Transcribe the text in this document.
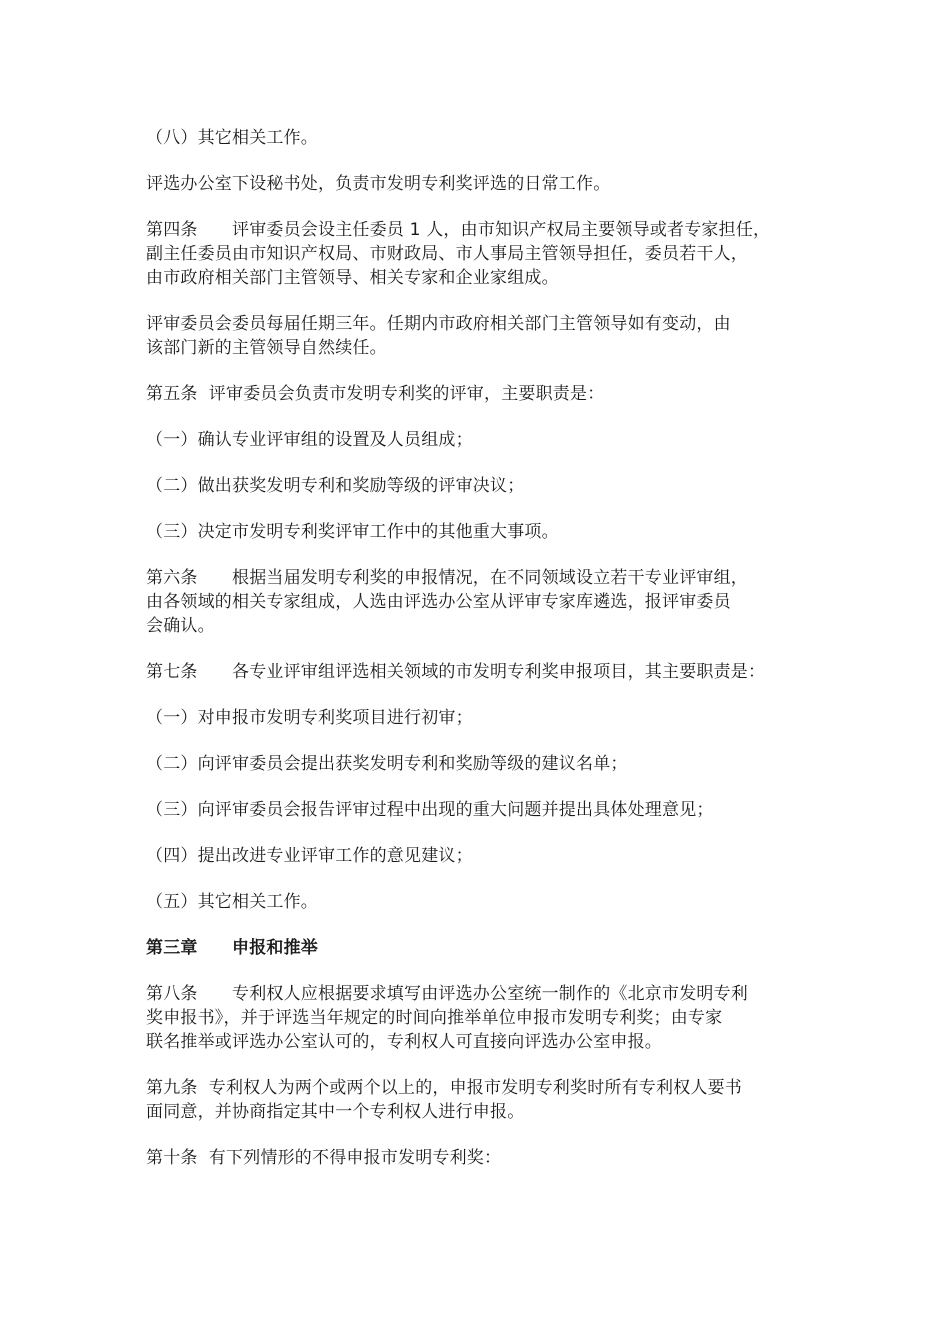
（八）其它相关工作。

评选办公室下设秘书处，负责市发明专利奖评选的日常工作。

第四条　　评审委员会设主任委员 1 人，由市知识产权局主要领导或者专家担任，
副主任委员由市知识产权局、市财政局、市人事局主管领导担任，委员若干人，
由市政府相关部门主管领导、相关专家和企业家组成。

评审委员会委员每届任期三年。任期内市政府相关部门主管领导如有变动，由
该部门新的主管领导自然续任。

第五条  评审委员会负责市发明专利奖的评审，主要职责是：

（一）确认专业评审组的设置及人员组成；

（二）做出获奖发明专利和奖励等级的评审决议；

（三）决定市发明专利奖评审工作中的其他重大事项。

第六条　　根据当届发明专利奖的申报情况，在不同领域设立若干专业评审组，
由各领域的相关专家组成，人选由评选办公室从评审专家库遴选，报评审委员
会确认。

第七条　　各专业评审组评选相关领域的市发明专利奖申报项目，其主要职责是：

（一）对申报市发明专利奖项目进行初审；

（二）向评审委员会提出获奖发明专利和奖励等级的建议名单；

（三）向评审委员会报告评审过程中出现的重大问题并提出具体处理意见；

（四）提出改进专业评审工作的意见建议；

（五）其它相关工作。

第三章　　申报和推举

第八条　　专利权人应根据要求填写由评选办公室统一制作的《北京市发明专利
奖申报书》，并于评选当年规定的时间向推举单位申报市发明专利奖；由专家
联名推举或评选办公室认可的，专利权人可直接向评选办公室申报。

第九条  专利权人为两个或两个以上的，申报市发明专利奖时所有专利权人要书
面同意，并协商指定其中一个专利权人进行申报。

第十条  有下列情形的不得申报市发明专利奖：
